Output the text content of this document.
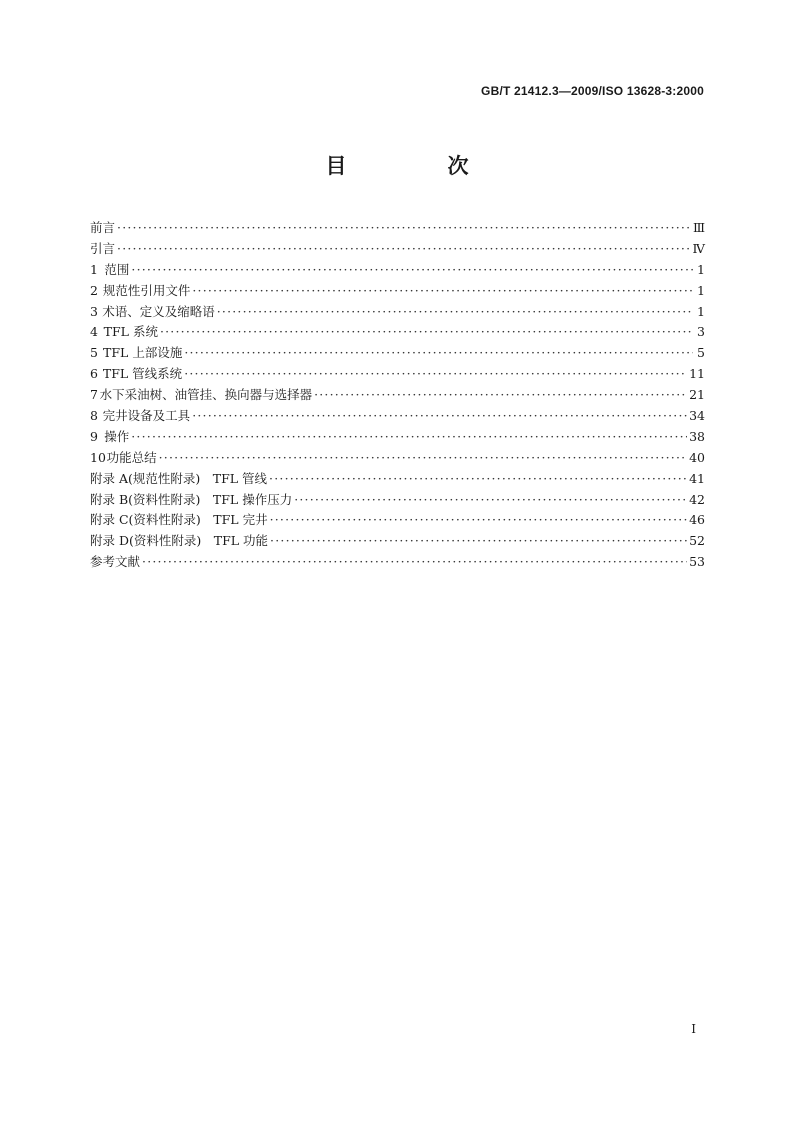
GB/T 21412.3—2009/ISO 13628-3:2000
目　次
前言 ·····	Ⅲ
引言 ·····	Ⅳ
1 范围 ·····	1
2 规范性引用文件 ·····	1
3 术语、定义及缩略语 ·····	1
4 TFL 系统 ·····	3
5 TFL 上部设施 ·····	5
6 TFL 管线系统 ·····	11
7 水下采油树、油管挂、换向器与选择器 ·····	21
8 完井设备及工具 ·····	34
9 操作 ·····	38
10 功能总结 ·····	40
附录 A(规范性附录)　TFL 管线 ·····	41
附录 B(资料性附录)　TFL 操作压力 ·····	42
附录 C(资料性附录)　TFL 完井 ·····	46
附录 D(资料性附录)　TFL 功能 ·····	52
参考文献 ·····	53
I
